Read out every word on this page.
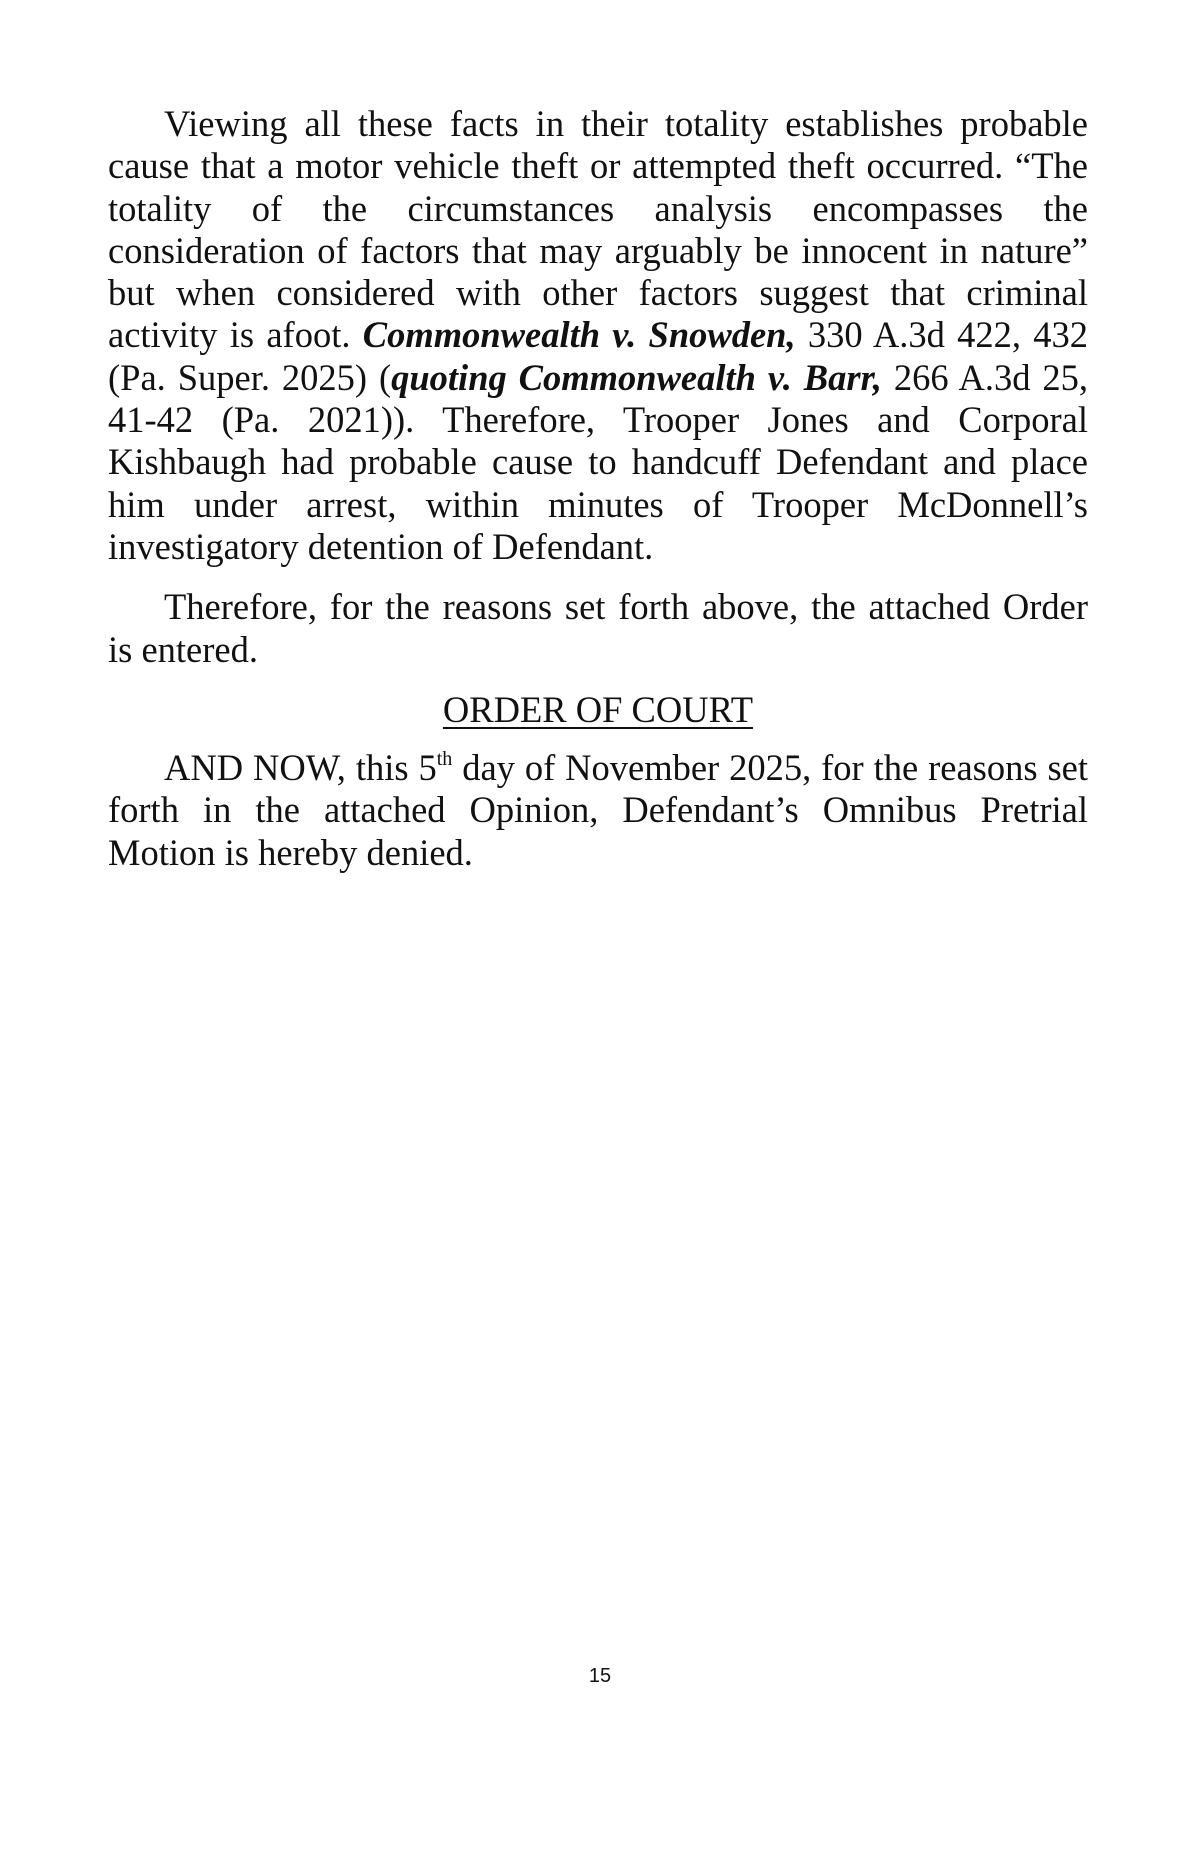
Viewing all these facts in their totality establishes probable cause that a motor vehicle theft or attempted theft occurred. “The totality of the circumstances analysis encompasses the consideration of factors that may arguably be innocent in nature” but when considered with other factors suggest that criminal activity is afoot. Commonwealth v. Snowden, 330 A.3d 422, 432 (Pa. Super. 2025) (quoting Commonwealth v. Barr, 266 A.3d 25, 41-42 (Pa. 2021)). Therefore, Trooper Jones and Corporal Kishbaugh had probable cause to handcuff Defendant and place him under arrest, within minutes of Trooper McDonnell’s investigatory detention of Defendant.

Therefore, for the reasons set forth above, the attached Order is entered.

ORDER OF COURT

AND NOW, this 5th day of November 2025, for the reasons set forth in the attached Opinion, Defendant’s Omnibus Pretrial Motion is hereby denied.

15
